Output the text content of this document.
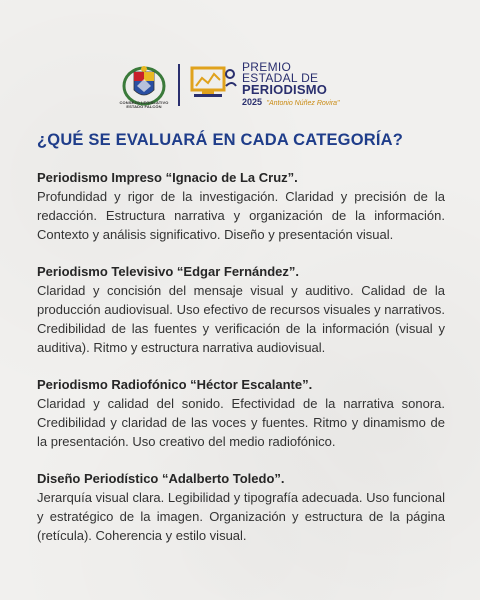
CONSEJO LEGISLATIVO ESTADO FALCÓN
PREMIO
ESTADAL DE
PERIODISMO
2025 "Antonio Núñez Rovira"
¿QUÉ SE EVALUARÁ EN CADA CATEGORÍA?

Periodismo Impreso “Ignacio de La Cruz”.

Profundidad y rigor de la investigación. Claridad y precisión de la redacción. Estructura narrativa y organización de la información. Contexto y análisis significativo. Diseño y presentación visual.

Periodismo Televisivo “Edgar Fernández”.

Claridad y concisión del mensaje visual y auditivo. Calidad de la producción audiovisual. Uso efectivo de recursos visuales y narrativos. Credibilidad de las fuentes y verificación de la información (visual y auditiva). Ritmo y estructura narrativa audiovisual.

Periodismo Radiofónico “Héctor Escalante”.

Claridad y calidad del sonido. Efectividad de la narrativa sonora. Credibilidad y claridad de las voces y fuentes. Ritmo y dinamismo de la presentación. Uso creativo del medio radiofónico.

Diseño Periodístico “Adalberto Toledo”.

Jerarquía visual clara. Legibilidad y tipografía adecuada. Uso funcional y estratégico de la imagen. Organización y estructura de la página (retícula). Coherencia y estilo visual.
